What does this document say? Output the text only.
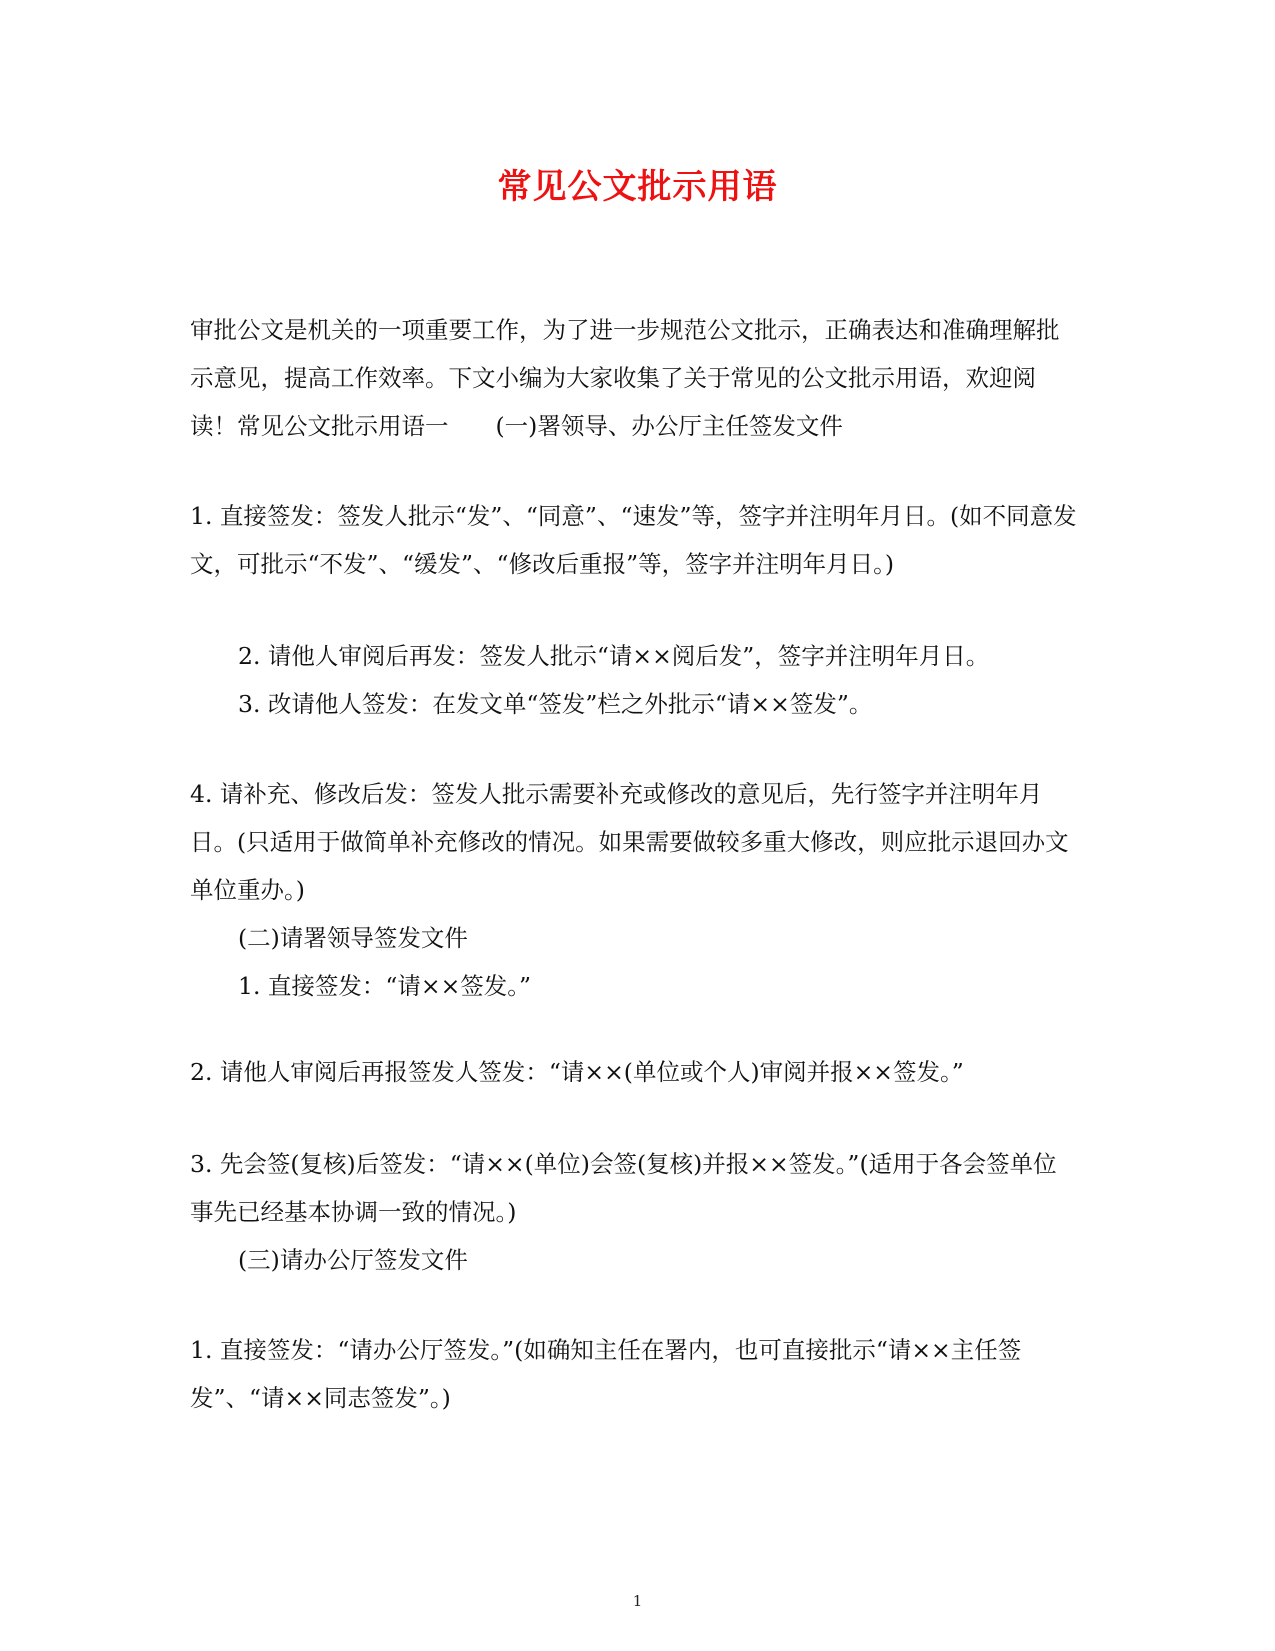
常见公文批示用语

审批公文是机关的一项重要工作，为了进一步规范公文批示，正确表达和准确理解批示意见，提高工作效率。下文小编为大家收集了关于常见的公文批示用语，欢迎阅读！常见公文批示用语一　　(一)署领导、办公厅主任签发文件

1. 直接签发：签发人批示“发”、“同意”、“速发”等，签字并注明年月日。(如不同意发文，可批示“不发”、“缓发”、“修改后重报”等，签字并注明年月日。)

2. 请他人审阅后再发：签发人批示“请××阅后发”，签字并注明年月日。

3. 改请他人签发：在发文单“签发”栏之外批示“请××签发”。

4. 请补充、修改后发：签发人批示需要补充或修改的意见后，先行签字并注明年月日。(只适用于做简单补充修改的情况。如果需要做较多重大修改，则应批示退回办文单位重办。)

(二)请署领导签发文件

1. 直接签发：“请××签发。”

2. 请他人审阅后再报签发人签发：“请××(单位或个人)审阅并报××签发。”

3. 先会签(复核)后签发：“请××(单位)会签(复核)并报××签发。”(适用于各会签单位事先已经基本协调一致的情况。)

(三)请办公厅签发文件

1. 直接签发：“请办公厅签发。”(如确知主任在署内，也可直接批示“请××主任签发”、“请××同志签发”。)

1
